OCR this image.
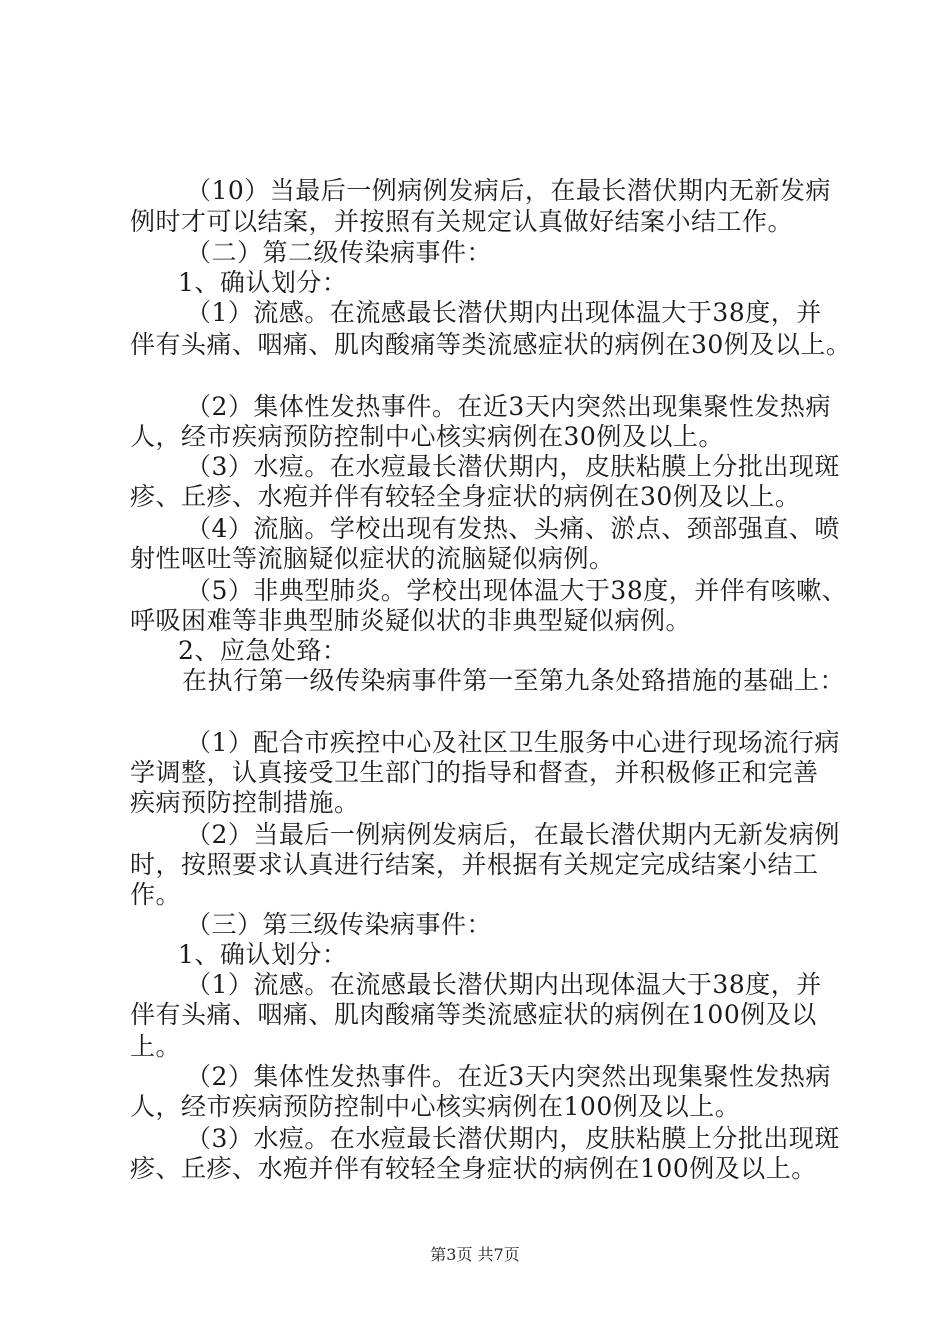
（10）当最后一例病例发病后，在最长潜伏期内无新发病
例时才可以结案，并按照有关规定认真做好结案小结工作。
（二）第二级传染病事件：
1、确认划分：
（1）流感。在流感最长潜伏期内出现体温大于38度，并
伴有头痛、咽痛、肌肉酸痛等类流感症状的病例在30例及以上。
（2）集体性发热事件。在近3天内突然出现集聚性发热病
人，经市疾病预防控制中心核实病例在30例及以上。
（3）水痘。在水痘最长潜伏期内，皮肤粘膜上分批出现斑
疹、丘疹、水疱并伴有较轻全身症状的病例在30例及以上。
（4）流脑。学校出现有发热、头痛、淤点、颈部强直、喷
射性呕吐等流脑疑似症状的流脑疑似病例。
（5）非典型肺炎。学校出现体温大于38度，并伴有咳嗽、
呼吸困难等非典型肺炎疑似状的非典型疑似病例。
2、应急处臵：
在执行第一级传染病事件第一至第九条处臵措施的基础上：
（1）配合市疾控中心及社区卫生服务中心进行现场流行病
学调整，认真接受卫生部门的指导和督查，并积极修正和完善
疾病预防控制措施。
（2）当最后一例病例发病后，在最长潜伏期内无新发病例
时，按照要求认真进行结案，并根据有关规定完成结案小结工
作。
（三）第三级传染病事件：
1、确认划分：
（1）流感。在流感最长潜伏期内出现体温大于38度，并
伴有头痛、咽痛、肌肉酸痛等类流感症状的病例在100例及以
上。
（2）集体性发热事件。在近3天内突然出现集聚性发热病
人，经市疾病预防控制中心核实病例在100例及以上。
（3）水痘。在水痘最长潜伏期内，皮肤粘膜上分批出现斑
疹、丘疹、水疱并伴有较轻全身症状的病例在100例及以上。
第3页 共7页
